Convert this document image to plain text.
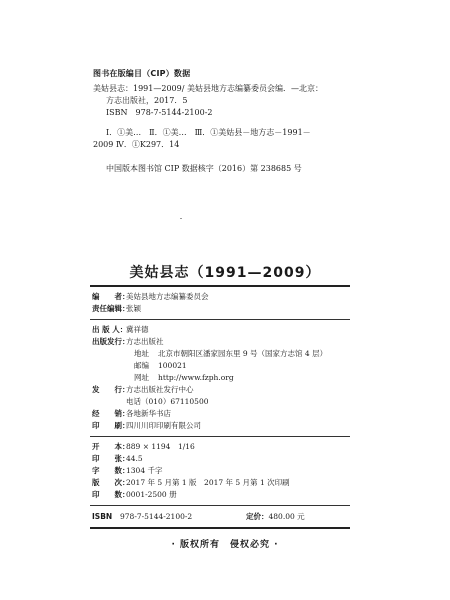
图书在版编目（CIP）数据
美姑县志：1991—2009/ 美姑县地方志编纂委员会编．—北京：
方志出版社，2017．5
ISBN　978-7-5144-2100-2
Ⅰ．①美…　Ⅱ．①美…　Ⅲ．①美姑县－地方志－1991－
2009 Ⅳ．①K297．14
中国版本图书馆 CIP 数据核字（2016）第 238685 号
美姑县志（1991—2009）
编　　者：美姑县地方志编纂委员会
责任编辑：张颖
出 版 人：冀祥德
出版发行：方志出版社
地址 北京市朝阳区潘家园东里 9 号（国家方志馆 4 层）
邮编 100021
网址 http://www.fzph.org
发　　行：方志出版社发行中心
电话（010）67110500
经　　销：各地新华书店
印　　刷：四川川印印刷有限公司
开　　本：889 × 1194　1/16
印　　张：44.5
字　　数：1304 千字
版　　次：2017 年 5 月第 1 版　2017 年 5 月第 1 次印刷
印　　数：0001-2500 册
ISBN 978-7-5144-2100-2	定价：480.00 元
· 版权所有　侵权必究 ·
